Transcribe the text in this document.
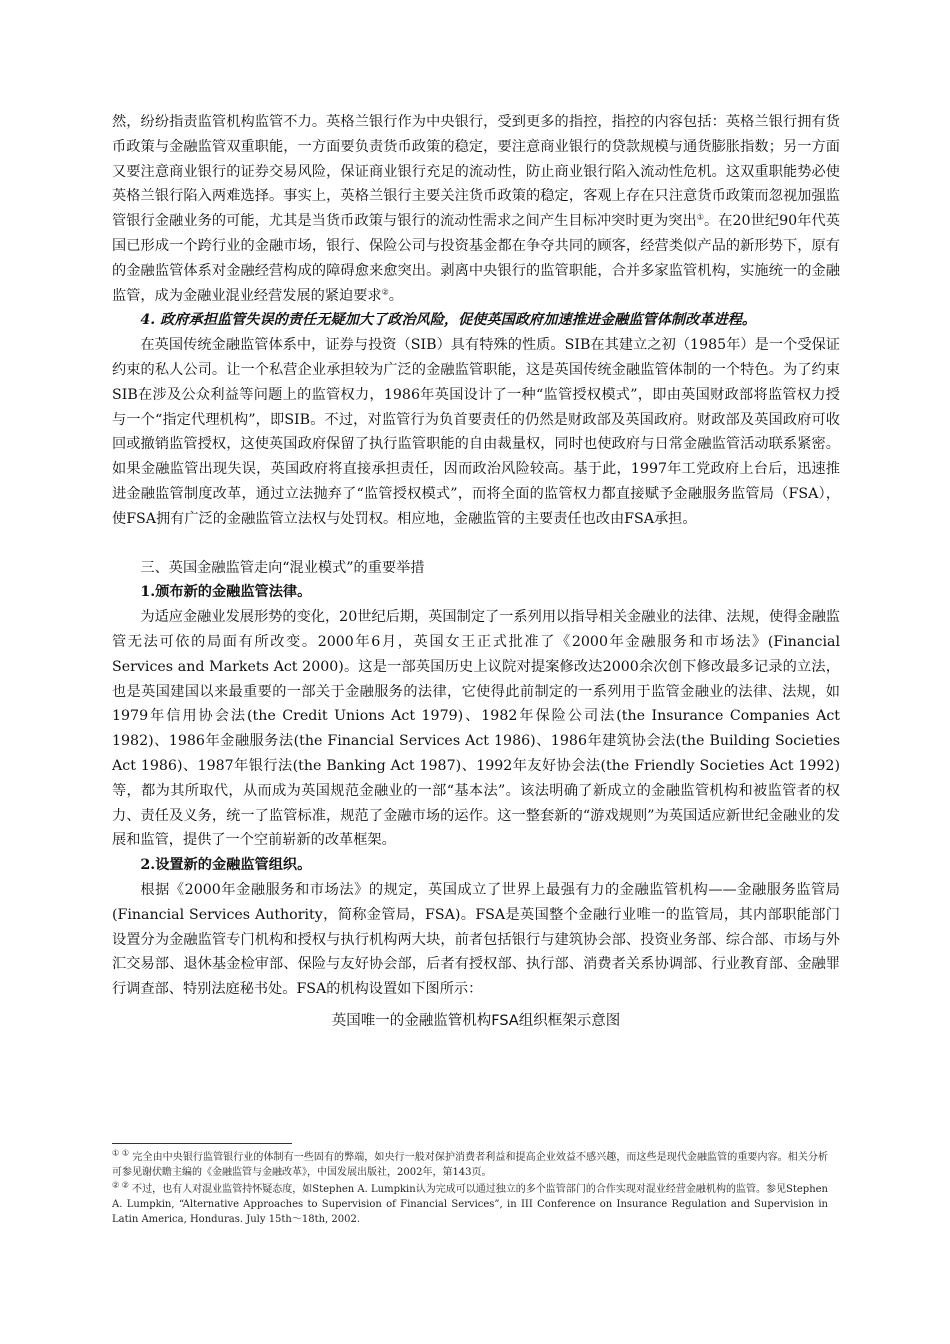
然，纷纷指责监管机构监管不力。英格兰银行作为中央银行，受到更多的指控，指控的内容包括：英格兰银行拥有货币政策与金融监管双重职能，一方面要负责货币政策的稳定，要注意商业银行的贷款规模与通货膨胀指数；另一方面又要注意商业银行的证券交易风险，保证商业银行充足的流动性，防止商业银行陷入流动性危机。这双重职能势必使英格兰银行陷入两难选择。事实上，英格兰银行主要关注货币政策的稳定，客观上存在只注意货币政策而忽视加强监管银行金融业务的可能，尤其是当货币政策与银行的流动性需求之间产生目标冲突时更为突出①。在20世纪90年代英国已形成一个跨行业的金融市场，银行、保险公司与投资基金都在争夺共同的顾客，经营类似产品的新形势下，原有的金融监管体系对金融经营构成的障碍愈来愈突出。剥离中央银行的监管职能，合并多家监管机构，实施统一的金融监管，成为金融业混业经营发展的紧迫要求②。

4. 政府承担监管失误的责任无疑加大了政治风险，促使英国政府加速推进金融监管体制改革进程。

在英国传统金融监管体系中，证券与投资（SIB）具有特殊的性质。SIB在其建立之初（1985年）是一个受保证约束的私人公司。让一个私营企业承担较为广泛的金融监管职能，这是英国传统金融监管体制的一个特色。为了约束SIB在涉及公众利益等问题上的监管权力，1986年英国设计了一种“监管授权模式”，即由英国财政部将监管权力授与一个“指定代理机构”，即SIB。不过，对监管行为负首要责任的仍然是财政部及英国政府。财政部及英国政府可收回或撤销监管授权，这使英国政府保留了执行监管职能的自由裁量权，同时也使政府与日常金融监管活动联系紧密。如果金融监管出现失误，英国政府将直接承担责任，因而政治风险较高。基于此，1997年工党政府上台后，迅速推进金融监管制度改革，通过立法抛弃了“监管授权模式”，而将全面的监管权力都直接赋予金融服务监管局（FSA），使FSA拥有广泛的金融监管立法权与处罚权。相应地，金融监管的主要责任也改由FSA承担。

三、英国金融监管走向“混业模式”的重要举措

1.颁布新的金融监管法律。

为适应金融业发展形势的变化，20世纪后期，英国制定了一系列用以指导相关金融业的法律、法规，使得金融监管无法可依的局面有所改变。2000年6月，英国女王正式批准了《2000年金融服务和市场法》(Financial Services and Markets Act 2000)。这是一部英国历史上议院对提案修改达2000余次创下修改最多记录的立法，也是英国建国以来最重要的一部关于金融服务的法律，它使得此前制定的一系列用于监管金融业的法律、法规，如1979年信用协会法(the Credit Unions Act 1979)、1982年保险公司法(the Insurance Companies Act 1982)、1986年金融服务法(the Financial Services Act 1986)、1986年建筑协会法(the Building Societies Act 1986)、1987年银行法(the Banking Act 1987)、1992年友好协会法(the Friendly Societies Act 1992)等，都为其所取代，从而成为英国规范金融业的一部“基本法”。该法明确了新成立的金融监管机构和被监管者的权力、责任及义务，统一了监管标准，规范了金融市场的运作。这一整套新的“游戏规则”为英国适应新世纪金融业的发展和监管，提供了一个空前崭新的改革框架。

2.设置新的金融监管组织。

根据《2000年金融服务和市场法》的规定，英国成立了世界上最强有力的金融监管机构——金融服务监管局(Financial Services Authority，简称金管局，FSA)。FSA是英国整个金融行业唯一的监管局，其内部职能部门设置分为金融监管专门机构和授权与执行机构两大块，前者包括银行与建筑协会部、投资业务部、综合部、市场与外汇交易部、退休基金检审部、保险与友好协会部，后者有授权部、执行部、消费者关系协调部、行业教育部、金融罪行调查部、特别法庭秘书处。FSA的机构设置如下图所示：

英国唯一的金融监管机构FSA组织框架示意图

① ① 完全由中央银行监管银行业的体制有一些固有的弊端，如央行一般对保护消费者利益和提高企业效益不感兴趣，而这些是现代金融监管的重要内容。相关分析可参见谢伏瞻主编的《金融监管与金融改革》，中国发展出版社，2002年，第143页。

② ② 不过，也有人对混业监管持怀疑态度，如Stephen A. Lumpkin认为完成可以通过独立的多个监管部门的合作实现对混业经营金融机构的监管。参见Stephen A. Lumpkin, “Alternative Approaches to Supervision of Financial Services”, in III Conference on Insurance Regulation and Supervision in Latin America, Honduras. July 15th～18th, 2002.
